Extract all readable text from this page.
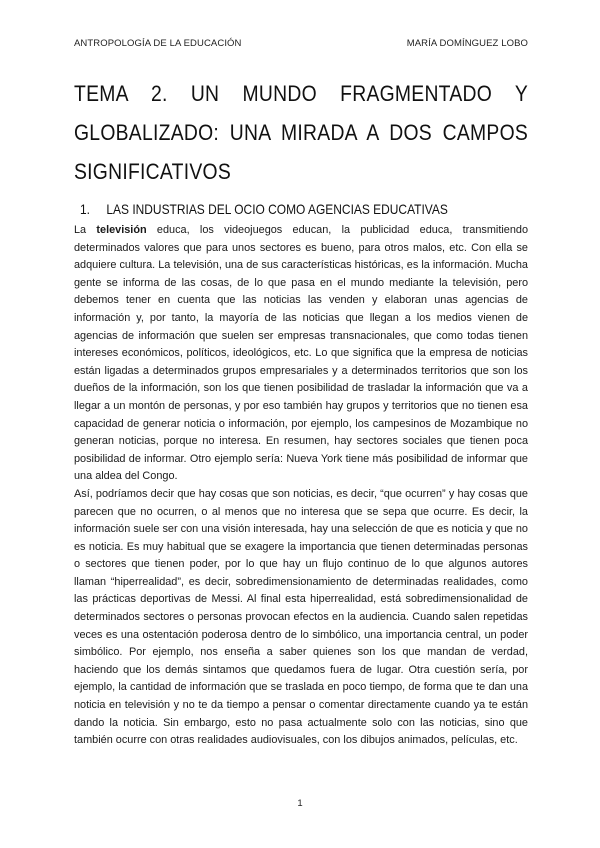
ANTROPOLOGÍA DE LA EDUCACIÓN	MARÍA DOMÍNGUEZ LOBO
TEMA 2. UN MUNDO FRAGMENTADO Y GLOBALIZADO: UNA MIRADA A DOS CAMPOS SIGNIFICATIVOS
1. LAS INDUSTRIAS DEL OCIO COMO AGENCIAS EDUCATIVAS

La televisión educa, los videojuegos educan, la publicidad educa, transmitiendo determinados valores que para unos sectores es bueno, para otros malos, etc. Con ella se adquiere cultura. La televisión, una de sus características históricas, es la información. Mucha gente se informa de las cosas, de lo que pasa en el mundo mediante la televisión, pero debemos tener en cuenta que las noticias las venden y elaboran unas agencias de información y, por tanto, la mayoría de las noticias que llegan a los medios vienen de agencias de información que suelen ser empresas transnacionales, que como todas tienen intereses económicos, políticos, ideológicos, etc. Lo que significa que la empresa de noticias están ligadas a determinados grupos empresariales y a determinados territorios que son los dueños de la información, son los que tienen posibilidad de trasladar la información que va a llegar a un montón de personas, y por eso también hay grupos y territorios que no tienen esa capacidad de generar noticia o información, por ejemplo, los campesinos de Mozambique no generan noticias, porque no interesa. En resumen, hay sectores sociales que tienen poca posibilidad de informar. Otro ejemplo sería: Nueva York tiene más posibilidad de informar que una aldea del Congo.

Así, podríamos decir que hay cosas que son noticias, es decir, “que ocurren” y hay cosas que parecen que no ocurren, o al menos que no interesa que se sepa que ocurre. Es decir, la información suele ser con una visión interesada, hay una selección de que es noticia y que no es noticia. Es muy habitual que se exagere la importancia que tienen determinadas personas o sectores que tienen poder, por lo que hay un flujo continuo de lo que algunos autores llaman “hiperrealidad”, es decir, sobredimensionamiento de determinadas realidades, como las prácticas deportivas de Messi. Al final esta hiperrealidad, está sobredimensionalidad de determinados sectores o personas provocan efectos en la audiencia. Cuando salen repetidas veces es una ostentación poderosa dentro de lo simbólico, una importancia central, un poder simbólico. Por ejemplo, nos enseña a saber quienes son los que mandan de verdad, haciendo que los demás sintamos que quedamos fuera de lugar. Otra cuestión sería, por ejemplo, la cantidad de información que se traslada en poco tiempo, de forma que te dan una noticia en televisión y no te da tiempo a pensar o comentar directamente cuando ya te están dando la noticia. Sin embargo, esto no pasa actualmente solo con las noticias, sino que también ocurre con otras realidades audiovisuales, con los dibujos animados, películas, etc.

1
